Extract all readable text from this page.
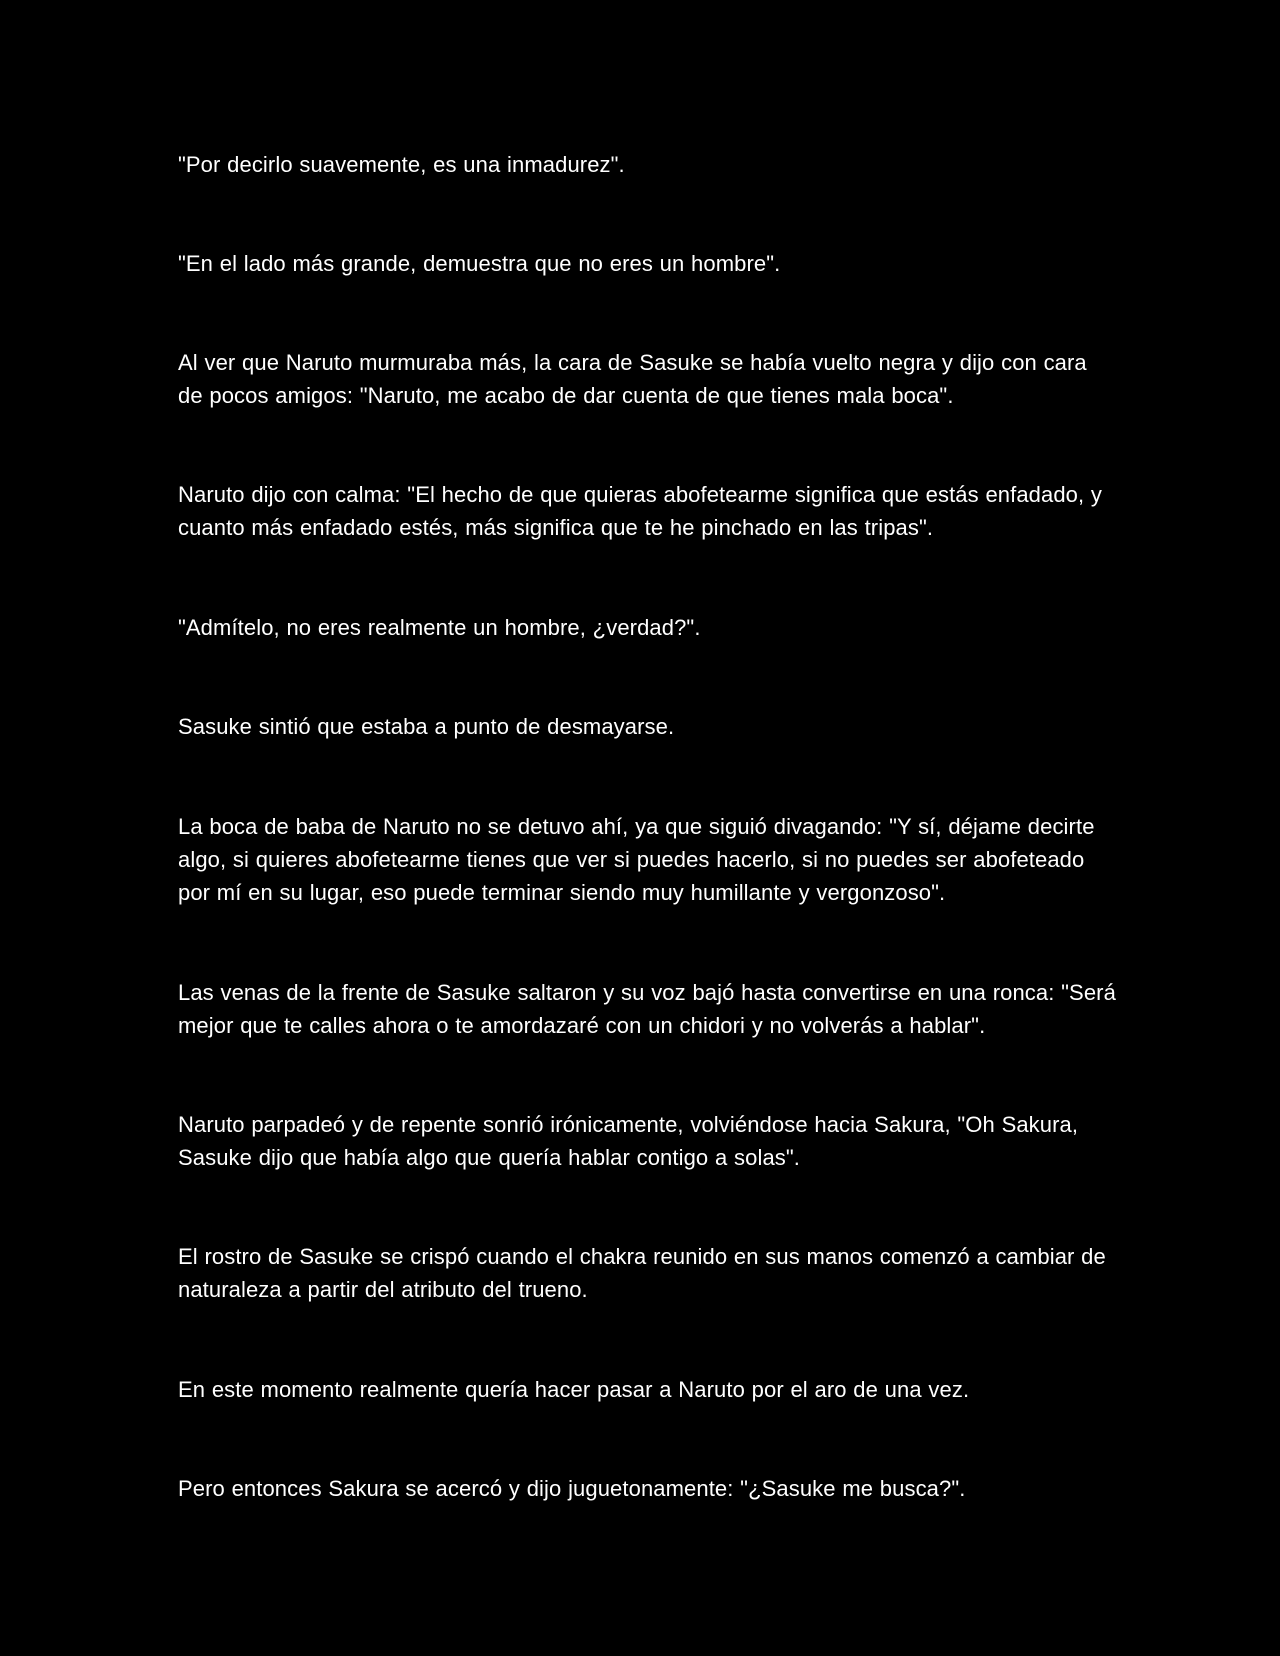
"Por decirlo suavemente, es una inmadurez".

"En el lado más grande, demuestra que no eres un hombre".

Al ver que Naruto murmuraba más, la cara de Sasuke se había vuelto negra y dijo con cara de pocos amigos: "Naruto, me acabo de dar cuenta de que tienes mala boca".

Naruto dijo con calma: "El hecho de que quieras abofetearme significa que estás enfadado, y cuanto más enfadado estés, más significa que te he pinchado en las tripas".

"Admítelo, no eres realmente un hombre, ¿verdad?".

Sasuke sintió que estaba a punto de desmayarse.

La boca de baba de Naruto no se detuvo ahí, ya que siguió divagando: "Y sí, déjame decirte algo, si quieres abofetearme tienes que ver si puedes hacerlo, si no puedes ser abofeteado por mí en su lugar, eso puede terminar siendo muy humillante y vergonzoso".

Las venas de la frente de Sasuke saltaron y su voz bajó hasta convertirse en una ronca: "Será mejor que te calles ahora o te amordazaré con un chidori y no volverás a hablar".

Naruto parpadeó y de repente sonrió irónicamente, volviéndose hacia Sakura, "Oh Sakura, Sasuke dijo que había algo que quería hablar contigo a solas".

El rostro de Sasuke se crispó cuando el chakra reunido en sus manos comenzó a cambiar de naturaleza a partir del atributo del trueno.

En este momento realmente quería hacer pasar a Naruto por el aro de una vez.

Pero entonces Sakura se acercó y dijo juguetonamente: "¿Sasuke me busca?".
